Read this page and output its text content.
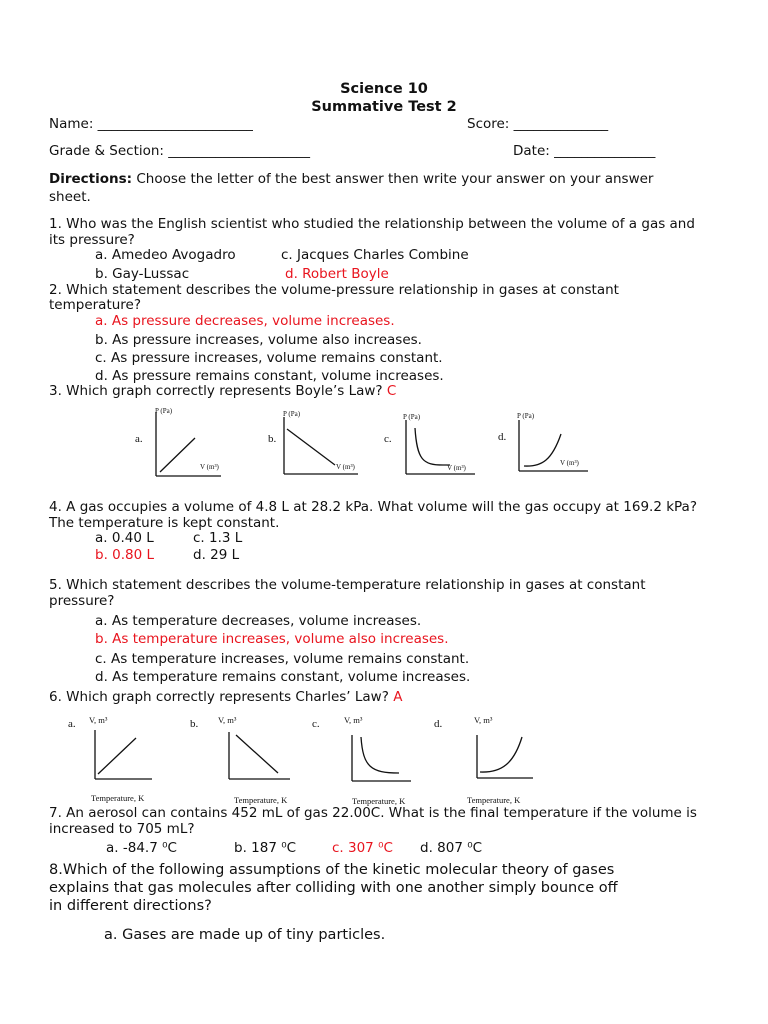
Science 10
Summative Test 2
Name: _______________________	Score: ______________
Grade & Section: _____________________	Date: _______________
Directions: Choose the letter of the best answer then write your answer on your answer
sheet.
1. Who was the English scientist who studied the relationship between the volume of a gas and
its pressure?
a. Amedeo Avogadro	c. Jacques Charles Combine
b. Gay-Lussac	d. Robert Boyle
2. Which statement describes the volume-pressure relationship in gases at constant
temperature?
a. As pressure decreases, volume increases.
b. As pressure increases, volume also increases.
c. As pressure increases, volume remains constant.
d. As pressure remains constant, volume increases.
3. Which graph correctly represents Boyle’s Law? C
P (Pa)
a.
V (m³)
P (Pa)
b.
V (m³)
P (Pa)
c.
V (m³)
P (Pa)
d.
V (m³)
4. A gas occupies a volume of 4.8 L at 28.2 kPa. What volume will the gas occupy at 169.2 kPa?
The temperature is kept constant.
a. 0.40 L	c. 1.3 L
b. 0.80 L	d. 29 L
5. Which statement describes the volume-temperature relationship in gases at constant
pressure?
a. As temperature decreases, volume increases.
b. As temperature increases, volume also increases.
c. As temperature increases, volume remains constant.
d. As temperature remains constant, volume increases.
6. Which graph correctly represents Charles’ Law? A
a. V, m³
Temperature, K
b. V, m³
Temperature, K
c.	V, m³
Temperature, K
d.	V, m³
Temperature, K
7. An aerosol can contains 452 mL of gas 22.00C. What is the final temperature if the volume is
increased to 705 mL?
a. -84.7 ⁰C	b. 187 ⁰C	c. 307 ⁰C d. 807 ⁰C
8.Which of the following assumptions of the kinetic molecular theory of gases
explains that gas molecules after colliding with one another simply bounce off
in different directions?
a. Gases are made up of tiny particles.
